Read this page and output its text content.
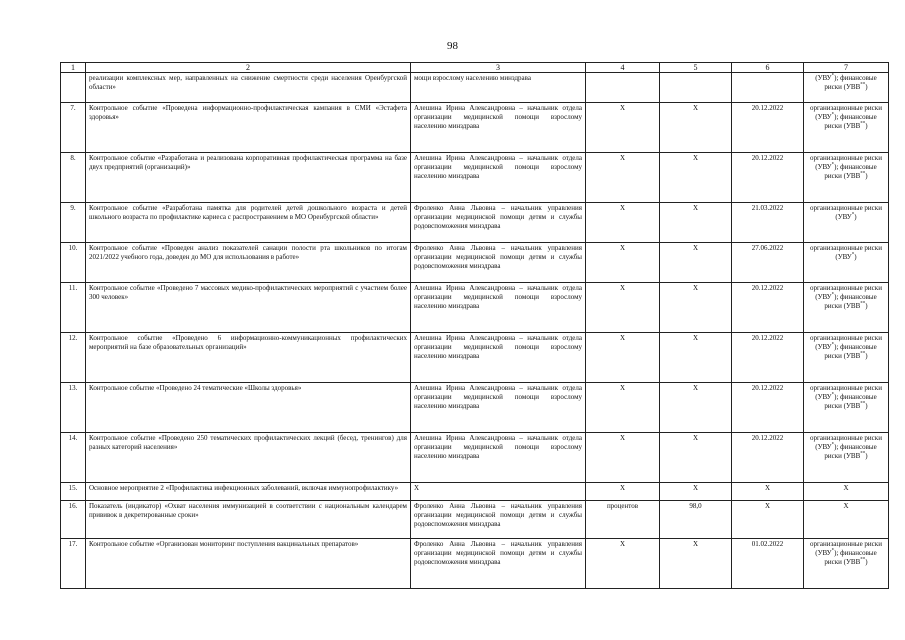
98
1	2	3	4	5	6	7
	реализации комплексных мер, направленных на снижение смертности среди населения Оренбургской области»	мощи взрослому населению минздрава				(УВУ*); финансовые риски (УВВ**)
7.	Контрольное событие «Проведена информационно-профилактическая кампания в СМИ «Эстафета здоровья»	Алешина Ирина Александровна – начальник отдела организации медицинской помощи взрослому населению минздрава	Х	Х	20.12.2022	организационные риски (УВУ*); финансовые риски (УВВ**)
8.	Контрольное событие «Разработана и реализована корпоративная профилактическая программа на базе двух предприятий (организаций)»	Алешина Ирина Александровна – начальник отдела организации медицинской помощи взрослому населению минздрава	Х	Х	20.12.2022	организационные риски (УВУ*); финансовые риски (УВВ**)
9.	Контрольное событие «Разработана памятка для родителей детей дошкольного возраста и детей школьного возраста по профилактике кариеса с распространением в МО Оренбургской области»	Фроленко Анна Львовна – начальник управления организации медицинской помощи детям и службы родовспоможения минздрава	Х	Х	21.03.2022	организационные риски (УВУ*)
10.	Контрольное событие «Проведен анализ показателей санации полости рта школьников по итогам 2021/2022 учебного года, доведен до МО для использования в работе»	Фроленко Анна Львовна – начальник управления организации медицинской помощи детям и службы родовспоможения минздрава	Х	Х	27.06.2022	организационные риски (УВУ*)
11.	Контрольное событие «Проведено 7 массовых медико-профилактических мероприятий с участием более 300 человек»	Алешина Ирина Александровна – начальник отдела организации медицинской помощи взрослому населению минздрава	Х	Х	20.12.2022	организационные риски (УВУ*); финансовые риски (УВВ**)
12.	Контрольное событие «Проведено 6 информационно-коммуникационных профилактических мероприятий на базе образовательных организаций»	Алешина Ирина Александровна – начальник отдела организации медицинской помощи взрослому населению минздрава	Х	Х	20.12.2022	организационные риски (УВУ*); финансовые риски (УВВ**)
13.	Контрольное событие «Проведено 24 тематические «Школы здоровья»	Алешина Ирина Александровна – начальник отдела организации медицинской помощи взрослому населению минздрава	Х	Х	20.12.2022	организационные риски (УВУ*); финансовые риски (УВВ**)
14.	Контрольное событие «Проведено 250 тематических профилактических лекций (бесед, тренингов) для разных категорий населения»	Алешина Ирина Александровна – начальник отдела организации медицинской помощи взрослому населению минздрава	Х	Х	20.12.2022	организационные риски (УВУ*); финансовые риски (УВВ**)
15.	Основное мероприятие 2 «Профилактика инфекционных заболеваний, включая иммунопрофилактику»	Х	Х	Х	Х	Х
16.	Показатель (индикатор) «Охват населения иммунизацией в соответствии с национальным календарем прививок в декретированные сроки»	Фроленко Анна Львовна – начальник управления организации медицинской помощи детям и службы родовспоможения минздрава	процентов	98,0	Х	Х
17.	Контрольное событие «Организован мониторинг поступления вакцинальных препаратов»	Фроленко Анна Львовна – начальник управления организации медицинской помощи детям и службы родовспоможения минздрава	Х	Х	01.02.2022	организационные риски (УВУ*); финансовые риски (УВВ**)
